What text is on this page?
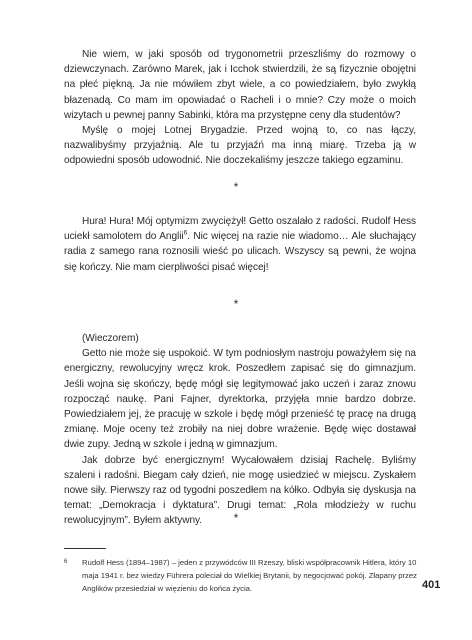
Nie wiem, w jaki sposób od trygonometrii przeszliśmy do rozmowy o dziewczynach. Zarówno Marek, jak i Icchok stwierdzili, że są fizycznie obojętni na płeć piękną. Ja nie mówiłem zbyt wiele, a co powiedziałem, było zwykłą błazenadą. Co mam im opowiadać o Racheli i o mnie? Czy może o moich wizytach u pewnej panny Sabinki, która ma przystępne ceny dla studentów?

Myślę o mojej Lotnej Brygadzie. Przed wojną to, co nas łączy, nazwalibyśmy przyjaźnią. Ale tu przyjaźń ma inną miarę. Trzeba ją w odpowiedni sposób udowodnić. Nie doczekaliśmy jeszcze takiego egzaminu.

*

Hura! Hura! Mój optymizm zwyciężył! Getto oszalało z radości. Rudolf Hess uciekł samolotem do Anglii$^6$. Nic więcej na razie nie wiadomo… Ale słuchający radia z samego rana roznosili wieść po ulicach. Wszyscy są pewni, że wojna się kończy. Nie mam cierpliwości pisać więcej!

*

(Wieczorem)

Getto nie może się uspokoić. W tym podniosłym nastroju poważyłem się na energiczny, rewolucyjny wręcz krok. Poszedłem zapisać się do gimnazjum. Jeśli wojna się skończy, będę mógł się legitymować jako uczeń i zaraz znowu rozpocząć naukę. Pani Fajner, dyrektorka, przyjęła mnie bardzo dobrze. Powiedziałem jej, że pracuję w szkole i będę mógł przenieść tę pracę na drugą zmianę. Moje oceny też zrobiły na niej dobre wrażenie. Będę więc dostawał dwie zupy. Jedną w szkole i jedną w gimnazjum.

Jak dobrze być energicznym! Wycałowałem dzisiaj Rachelę. Byliśmy szaleni i radośni. Biegam cały dzień, nie mogę usiedzieć w miejscu. Zyskałem nowe siły. Pierwszy raz od tygodni poszedłem na kółko. Odbyła się dyskusja na temat: „Demokracja i dyktatura”. Drugi temat: „Rola młodzieży w ruchu rewolucyjnym”. Byłem aktywny.	*
6 Rudolf Hess (1894–1987) – jeden z przywódców III Rzeszy, bliski współpracownik Hitlera, który 10 maja 1941 r. bez wiedzy Führera poleciał do Wielkiej Brytanii, by negocjować pokój. Złapany przez Anglików przesiedział w więzieniu do końca życia.	401
